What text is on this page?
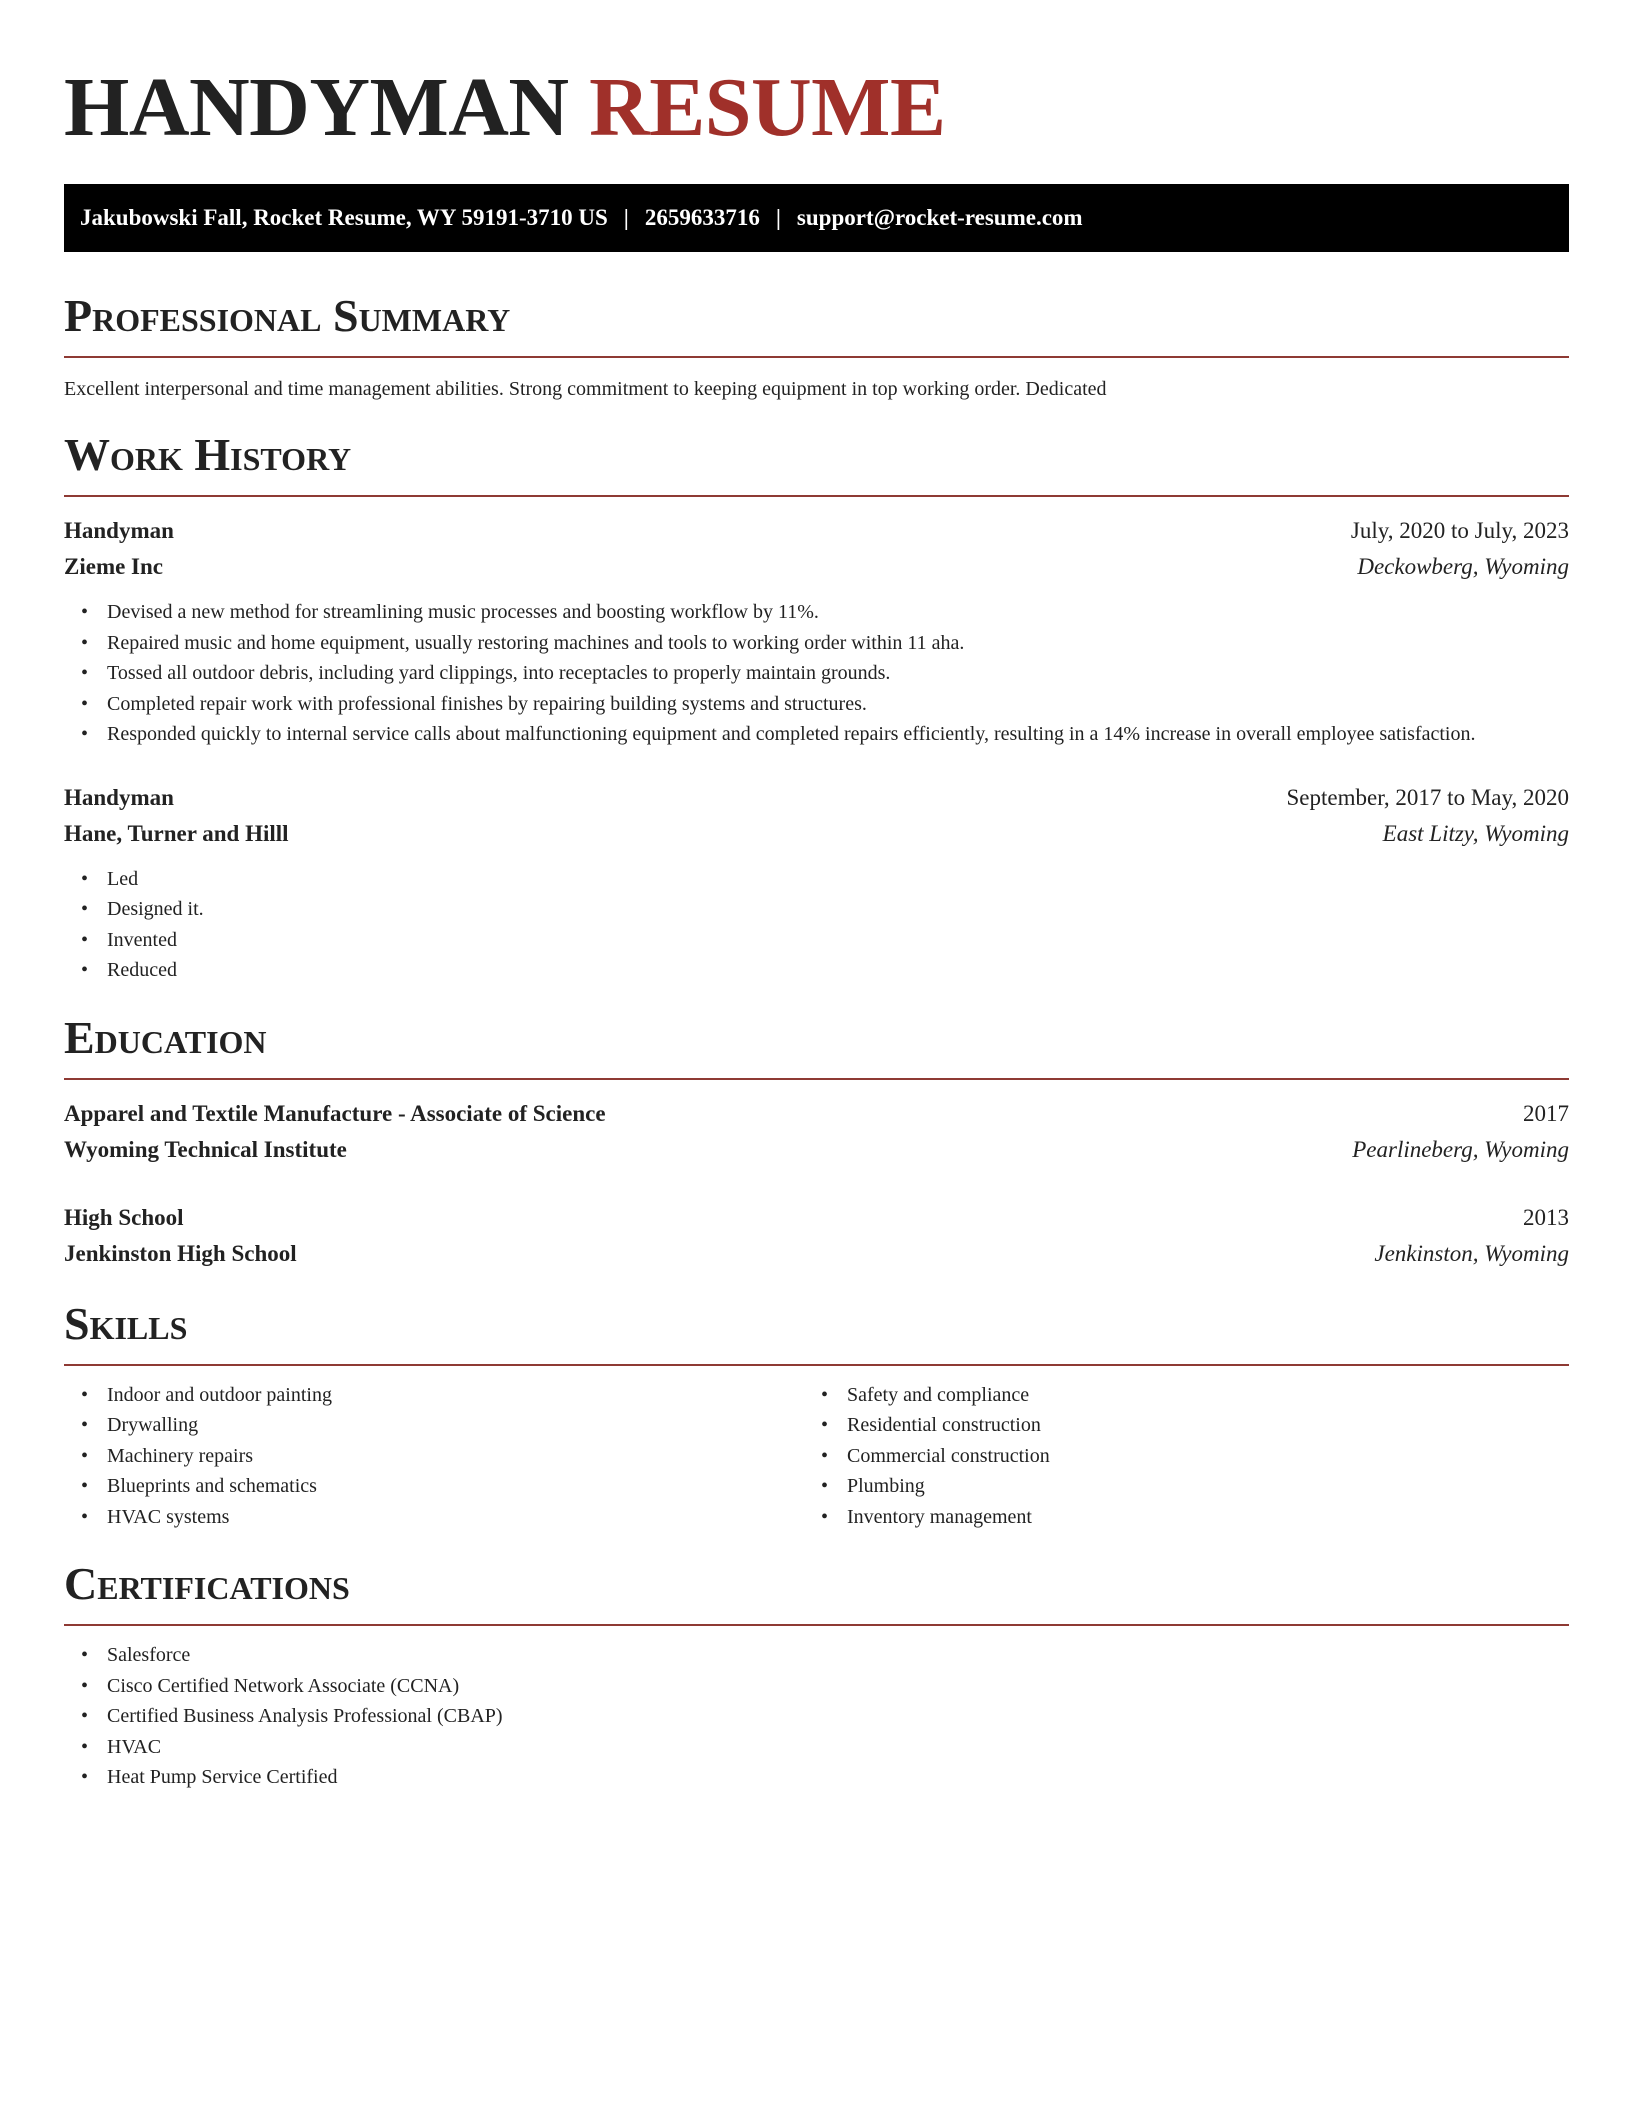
HANDYMAN RESUME
Jakubowski Fall, Rocket Resume, WY 59191-3710 US | 2659633716 | support@rocket-resume.com
Professional Summary
Excellent interpersonal and time management abilities. Strong commitment to keeping equipment in top working order. Dedicated
Work History
Handyman	July, 2020 to July, 2023
Zieme Inc	Deckowberg, Wyoming
• Devised a new method for streamlining music processes and boosting workflow by 11%.
• Repaired music and home equipment, usually restoring machines and tools to working order within 11 aha.
• Tossed all outdoor debris, including yard clippings, into receptacles to properly maintain grounds.
• Completed repair work with professional finishes by repairing building systems and structures.
• Responded quickly to internal service calls about malfunctioning equipment and completed repairs efficiently, resulting in a 14% increase in overall employee satisfaction.
Handyman	September, 2017 to May, 2020
Hane, Turner and Hilll	East Litzy, Wyoming
• Led
• Designed it.
• Invented
• Reduced
Education
Apparel and Textile Manufacture - Associate of Science	2017
Wyoming Technical Institute	Pearlineberg, Wyoming
High School	2013
Jenkinston High School	Jenkinston, Wyoming
Skills
• Indoor and outdoor painting
• Drywalling
• Machinery repairs
• Blueprints and schematics
• HVAC systems
• Safety and compliance
• Residential construction
• Commercial construction
• Plumbing
• Inventory management
Certifications
• Salesforce
• Cisco Certified Network Associate (CCNA)
• Certified Business Analysis Professional (CBAP)
• HVAC
• Heat Pump Service Certified
